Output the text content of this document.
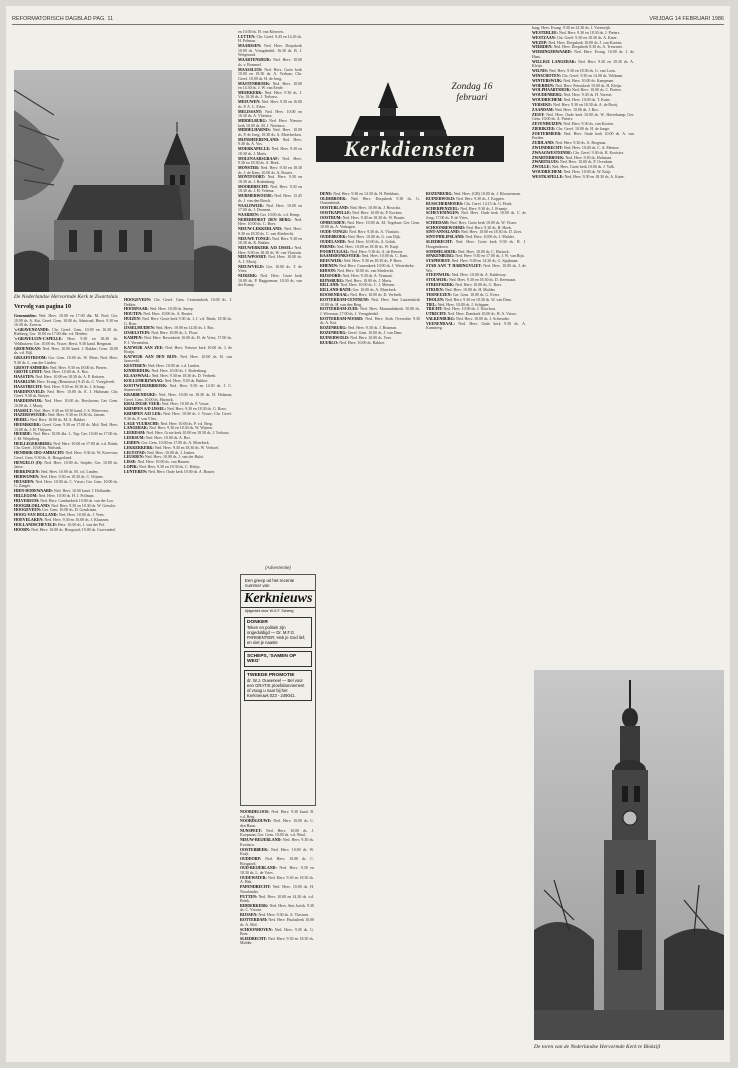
REFORMATORISCH DAGBLAD PAG. 11	VRIJDAG 14 FEBRUARI 1986
De Nederlandse Hervormde Kerk te Zwartsluis
Vervolg van pagina 10
Genemuiden: Ned. Herv. 10.00 en 17.00 dhr. M. Poel; Ger. 10.00 ds. A. Kot. Geref. Gem. 10.00 ds. Admiraal; Herst. 9.30 en 16.30 ds. Zwerus.
's-GRAVENZANDE: Chr. Geref. Gem. 10.00 en 16.30 ds. Rietberg; Ger. 10.00 en 17.00 dhr. v.d. Heiden.
's-GRAVELUIN-CAPELLE: Herv. 9.30 en 18.30 ds. Veldhuizen; Ger. 10.00 ds. Visser; Herst. 9.30 kand. Bregman.
GROENEKAN: Ned. Herv. 10.00 kand. J. Bakker; Gem. 10.00 ds. v.d. Bijl.
GRAAFSTROOM: Ger. Gem. 10.00 ds. W. Moet; Ned. Herv. 9.30 ds. L. van der Linden.
GROOT-AMMERS: Ned. Herv. 9.30 en 18.00 ds. Pieters.
GROTE LINDT: Ned. Herv. 10.00 ds. A. Bos.
HAASTEN: Ned. Herv. 10.00 en 18.30 ds. A. P. Keitzen.
HAARLEM: Herv. Evang. (Remonstr.) 9.45 ds. C. Vroeglevelt.
HAASTRECHT: Ned. Herv. 9.30 en 18.30 ds. J. Schaap.
HARDINXVELD: Ned. Herv. 10.00 ds. E. J. Hulsman; Chr. Geref. 9.30 ds. Breyer.
HARDERWIJK: Ned. Herv. 10.00 ds. Borsboom; Ger. Gem. 10.00 ds. J. Mooij.
HASSELT: Ned. Herv. 9.30 en 18.30 kand. J. S. Witteveen.
HAZERSWOUDE: Ned. Herv. 9.30 en 18.30 ds. Jansen.
HEDEL: Ned. Herv. 10.00 ds. M. A. Bakker.
HEEMSKERK: Geref. Gem. 9.30 en 17.00 ds. Mol; Ned. Herv. 10.00 ds. J. H. Thijssen.
HEERDE: Ned. Herv. 10.00 dhr. L. Tap; Ger. 10.00 en 17.00 ds. J. M. Weijnberg.
HEILLEGERSBERG: Ned. Herv. 10.00 en 17.00 ds. v.d. Brink; Chr. Geref. 10.00 ds. Wolsink.
HENDRIK-IDO-AMBACHT: Ned. Herv. 9.30 ds. W. Korevaar; Geref. Gem. 9.30 ds. A. Hoogerland.
HENGELO (O): Ned. Herv. 10.00 ds. Snijder; Ger. 10.00 ds. Janse.
HERKINGEN: Ned. Herv. 10.00 ds. M. v.d. Linden.
HERWIJNEN: Ned. Herv. 9.30 en 18.30 ds. C. Wijnen.
HEUSDEN: Ned. Herv. 10.00 ds. C. Visser; Ger. Gem. 10.00 ds. G. Zanger.
HIEN-DODEWAARD: Ned. Herv. 10.00 kand. J. Hollander.
HILLEGOM: Ned. Herv. 10.00 ds. H. J. Pollman.
HILVERSUM: Ned. Herv. Cantharkerk 10.00 ds. van der Loo.
HOOGBLOKLAND: Ned. Herv. 9.30 en 18.30 ds. W. Geissler.
HOOGEVEEN: Ger. Gem. 10.00 ds. D. Goudriaan.
HOOG-VAN HOLLAND: Ned. Herv. 10.00 ds. J. Veen.
HOEVELAKEN: Ned. Herv. 9.30 en 16.00 ds. J. Klaassen.
HOLLANDSCHEVELD: Herv. 10.00 ds. J. van der Pol.
HOORN: Ned. Herv. 10.00 ds. Hoogstad; 19.00 ds. Gravendeel.
en 10.00 ds. H. van Kleuven.
LUTTEN: Chr. Geref. 9.45 en 14.45 ds. H. Polman.
MAARSSEN: Ned. Herv. Dorpskerk 10.00 ds. Vreugdenhil; 16.30 ds. B. J. Wiegeraad.
MAARTENSDIJK: Ned. Herv. 10.00 ds. v. Bommel.
MAASSLUIS: Ned. Herv. Grote kerk 10.00 en 18.30 ds. A. Verhaar; Chr. Geref. 10.00 ds. H. de Jong.
MASTENBROEK: Ned. Herv. 10.00 en 14.30 ds. J. W. van Eerde.
MEERKERK: Ned. Herv. 9.30 ds. J. Vis; 18.30 ds. J. Terlouw.
MEEUWEN: Ned. Herv. 9.30 en 16.00 ds. P. A. C. Eiker.
MELISSANT: Ned. Herv. 10.00 en 16.30 ds. A. Vlietstra.
MIDDELBURG: Ned. Herv. Nieuwe kerk 10.00 ds. M. J. Neerincx.
MIDDELHARNIS: Ned. Herv. 10.00 ds. P. de Jong; 18.30 ds. A. Moerkerken.
MIJNSHEERENLAND: Ned. Herv. 9.30 ds. A. Vos.
MOERKAPELLE: Ned. Herv. 9.30 en 18.30 ds. J. Maris.
MOLENAARSGRAAF: Ned. Herv. 9.30 en 18.30 ds. A. Beek.
MONSTER: Ned. Herv. 9.30 en 18.30 ds. J. de Kam; 10.00 ds. A. Bouter.
MONTFOORT: Ned. Herv. 9.30 en 18.30 ds. J. Rodenburg.
MOORDRECHT: Ned. Herv. 9.30 en 18.30 ds. J. H. Velema.
MURMERWOUDE: Ned. Herv. 15.45 ds. J. van den Bosch.
NAALDWIJK: Ned. Herv. 10.00 en 17.00 ds. J. Dronsen.
NAARDEN: Ger. 10.00 ds. v.d. Kemp.
NEDERHORST DEN BERG: Ned. Herv. 10.00 ds. C. Boer.
NIEUW-LEKKERLAND: Ned. Herv. 9.30 en 18.30 ds. C. van Sliedrecht.
NIEUWE TONGE: Ned. Herv. 9.30 en 18.30 ds. K. Bakker.
NIEUWERKERK A/D IJSSEL: Ned. Herv. 9.30 en 18.30 ds. W. van Vlastuin.
NIEUWPOORT: Ned. Herv. 10.00 ds. A. J. Mooij.
NIEUWVELD: Ger. 10.00 ds. T. de Vries.
NIJKERK: Ned. Herv. Grote kerk 10.00 ds. P. Baggerman; 18.30 ds. van der Kamp.
HOOGEVEEN: Chr. Geref. Gem. Centrumkerk 10.00 ds. J. Dekker.
HOORNAAR: Ned. Herv. 10.00 ds. Sneep.
HOUTEN: Ned. Herv. 10.00 ds. A. Bouter.
HUIZEN: Ned. Herv. Grote kerk 9.30 ds. J. J. v.d. Brink; 18.30 ds. G. Boer.
IJSSELMUIDEN: Ned. Herv. 10.00 en 14.30 ds. J. Bos.
IJSSELSTEIN: Ned. Herv. 10.00 ds. L. Floor.
KAMPEN: Ned. Herv. Bovenkerk 10.00 ds. H. de Vries; 17.00 ds. P. J. Vermeulen.
KATWIJK AAN ZEE: Ned. Herv. Nieuwe kerk 10.00 ds. J. de Bruijn.
KATWIJK AAN DEN RIJN: Ned. Herv. 10.00 ds. H. van Jaarsveld.
KESTEREN: Ned. Herv. 10.00 ds. v.d. Linden.
KINDERDIJK: Ned. Herv. 10.00 ds. J. Rodenburg.
KLAASWAAL: Ned. Herv. 9.30 en 18.30 ds. D. Verbeek.
KOLLUMERZWAAG: Ned. Herv. 9.30 ds. Bakker.
KOOTWIJKERBROEK: Ned. Herv. 9.30 en 14.30 ds. J. C. Sonneveld.
KRABBENDIJKE: Ned. Herv. 10.00 en 18.30 ds. H. Hofman; Geref. Gem. 10.00 ds. Harinck.
KRALINGSE VEER: Ned. Herv. 10.00 ds. P. Visser.
KRIMPEN A/D IJSSEL: Ned. Herv. 9.30 en 18.30 ds. G. Roos.
KRIMPEN A/D LEK: Ned. Herv. 10.00 ds. J. Visser; Chr. Geref. 9.30 ds. F. van Vliet.
LAGE VUURSCHE: Ned. Herv. 10.00 ds. P. v.d. Berg.
LANGERAK: Ned. Herv. 9.30 en 18.30 ds. W. Wijnen.
LEERDAM: Ned. Herv. Grote kerk 10.00 en 18.30 ds. J. Terlouw.
LEERSUM: Ned. Herv. 10.00 ds. A. Bos.
LEIDEN: Ger. Gem. 10.00 en 17.00 ds. A. Moerkerk.
LEKKERKERK: Ned. Herv. 9.30 en 18.30 ds. W. Verhoef.
LELYSTAD: Ned. Herv. 10.00 ds. J. Jonker.
LEUSDEN: Ned. Herv. 10.00 ds. J. van der Hulst.
LISSE: Ned. Herv. 10.00 ds. van Haaren.
LOPIK: Ned. Herv. 9.30 en 18.30 ds. C. Kleijn.
LUNTEREN: Ned. Herv. Oude kerk 10.00 ds. A. Bouter.
(Advertentie)
Een greep uit het recente nummer van
Kerknieuws
tijdgericht door W.G.F. Scheeg
DONKER
Teken en politiek zijn ongeduldigd — Dr. M.F.G. PARMENTIER: Heb je God lief, en niet je naaste
SCHEPS, 'SAMEN OP WEG'
TWEEDE PROMOTIE
dr. W.J. Ouweneel — Bel voor een GRATIS proefabonnement of vraag u naar bij het Kerknieuws 023 - 249041.
NOORDELOOS: Ned. Herv. 9.30 kand. B. v.d. Berg.
NOORDGOUWE: Ned. Herv. 10.00 ds. C. den Haan.
NUNSPEET: Ned. Herv. 10.00 ds. J. Koopman; Ger. Gem. 10.00 ds. v.d. Waal.
NIEUW-BEIJERLAND: Ned. Herv. 9.30 ds. Kooistra.
OOSTERBEEK: Ned. Herv. 10.00 ds. W. Kuijt.
OUDDORP: Ned. Herv. 10.00 ds. C. Boogaard.
OUD-BEIJERLAND: Ned. Herv. 9.30 en 18.30 ds. L. de Vries.
OUDEWATER: Ned. Herv. 9.30 en 18.30 ds. A. Hak.
PAPENDRECHT: Ned. Herv. 10.00 ds. H. Noorlander.
PUTTEN: Ned. Herv. 10.00 en 14.30 ds. v.d. Brink.
RIDDERKERK: Ned. Herv. Sint Jorisk. 9.30 ds. C. Vroom.
RIJSSEN: Ned. Herv. 9.30 ds. A. Vlastuin.
ROTTERDAM: Ned. Herv. Pauluskerk 10.00 ds. A. Mol.
SCHOONHOVEN: Ned. Herv. 9.30 ds. G. Boer.
SLIEDRECHT: Ned. Herv. 9.30 en 18.30 ds. Mulder.
Zondag 16 februari
Kerkdiensten
DENE: Ned. Herv. 9.30 en 14.30 ds. H. Beekhuis.
OLDEBROEK: Ned. Herv. Dorpskerk 9.30 ds. G. Oostenbrink.
OOSTERLAND: Ned. Herv. 10.00 ds. J. Bosscha.
OOSTKAPELLE: Ned. Herv. 10.00 ds. P. Kocken.
OOSTRUM: Ned. Herv. 9.30 en 18.30 ds. W. Bouter.
OPHEUSDEN: Ned. Herv. 10.00 ds. M. Vogelaar; Ger. Gem. 10.00 ds. A. Verhagen.
OUDE-TONGE: Ned. Herv. 9.30 ds. A. Vlastuin.
OUDEBROEK: Ned. Herv. 10.00 ds. G. van Dijk.
OUDELANDE: Ned. Herv. 10.00 ds. A. Geluk.
PERNIS: Ned. Herv. 10.00 en 18.30 ds. W. Kuijt.
POORTUGAAL: Ned. Herv. 9.30 ds. A. de Reuver.
RAAMSDONKSVEER: Ned. Herv. 10.00 ds. C. Kant.
REEUWIJK: Ned. Herv. 9.30 en 18.30 ds. P. Boer.
RHENEN: Ned. Herv. Cunerakerk 10.00 ds. J. Westerbeke.
RHOON: Ned. Herv. 10.00 ds. van Sliedrecht.
RIJSOORD: Ned. Herv. 9.30 ds. A. Vermaat.
RIJNSBURG: Ned. Herv. 10.00 ds. J. Maris.
RILLAND: Ned. Herv. 10.00 ds. C. J. Meeuse.
RILLAND-BATH: Ger. 10.00 ds. A. Moerkerk.
ROOSENDAAL: Ned. Herv. 10.00 ds. D. Verbeek.
ROTTERDAM-CENTRUM: Ned. Herv. Sint Laurenskerk 10.00 ds. H. van den Berg.
ROTTERDAM-ZUID: Ned. Herv. Maranathakerk 10.00 ds. J. Wiersma; 17.00 ds. J. Vreugdenhil.
ROTTERDAM-NOORD: Ned. Herv. Kerk Overschie 9.30 ds. A. Kot.
ROZENBURG: Ned. Herv. 9.30 ds. J. Bouman.
ROZENBURG: Geref. Gem. 10.00 ds. J. van Dam.
RUINERWOLD: Ned. Herv. 10.00 ds. Voet.
RUURLO: Ned. Herv. 10.00 ds. Bakker.
ROZENBURG: Ned. Herv. (GB) 10.00 ds. J. Kloosterman.
RUINERWOLD: Ned. Herv. 9.30 ds. J. Koppen.
RUSSCHERMOERS: Chr. Geref. 14.15 ds. G. Hoek.
SCHERPENZEEL: Ned. Herv. 9.30 ds. J. Fraanje.
SCHEVENINGEN: Ned. Herv. Oude kerk 10.00 ds. C. de Jong; 17.00 ds. P. de Vries.
SCHIEDAM: Ned. Herv. Grote kerk 10.00 ds. W. Visser.
SCHOONREWOERD: Ned. Herv. 9.30 ds. H. Hoek.
SINT-ANNALAND: Ned. Herv. 10.00 en 18.30 ds. D. Zoet.
SINT-PHILIPSLAND: Ned. Herv. 10.00 ds. J. Mulder.
SLIEDRECHT: Ned. Herv. Grote kerk 9.30 ds. B. J. Hoogendoorn.
SOMMELSDIJK: Ned. Herv. 10.00 ds. C. Harinck.
SPAKENBURG: Ned. Herv. 9.30 en 17.00 ds. J. W. van Rijn.
STAPHORST: Ned. Herv. 9.00 en 14.30 ds. G. Spijkman.
STAD AAN 'T HARINGVLIET: Ned. Herv. 10.00 ds. J. de Wit.
STEENWIJK: Ned. Herv. 10.00 ds. A. Kaldeway.
STOLWIJK: Ned. Herv. 9.30 en 18.30 ds. D. Keesmaat.
STREEFKERK: Ned. Herv. 10.00 ds. G. Boer.
STRIJEN: Ned. Herv. 10.00 ds. H. Mulder.
TERNEUZEN: Ger. Gem. 10.00 ds. G. Evers.
THOLEN: Ned. Herv. 9.30 en 18.30 ds. W. van Dam.
TIEL: Ned. Herv. 10.00 ds. J. Schipper.
TRICHT: Ned. Herv. 10.00 ds. J. Noorloos.
UTRECHT: Ned. Herv. Domkerk 10.00 ds. H. A. Visser.
VALKENBURG: Ned. Herv. 10.00 ds. J. Schreuder.
VEENENDAAL: Ned. Herv. Oude kerk 9.30 ds. A. Kamsteeg.
burg; Herv. Evang. 9.30 en 14.30 ds. J. Vreeswijk.
WESTERLEE: Ned. Herv. 9.30 en 18.30 ds. J. Pieters.
WESTZAAN: Chr. Geref. 9.30 en 18.30 ds. A. Kater.
WEZEP: Ned. Herv. Dorpskerk 10.00 ds. J. van Kooten.
WIERDEN: Ned. Herv. Dorpskerk 9.30 ds. A. Treurniet.
WIERINGERWAARD: Ned. Herv. Evang. 10.00 ds. J. de Haas.
WILLIGE LANGERAK: Ned. Herv. 9.30 en 18.30 ds. A. Kleijn.
WILNIS: Ned. Herv. 9.30 en 18.30 ds. G. van Loon.
WINSCHOTEN: Chr. Geref. 9.30 en 14.00 ds. Veldman.
WINTERSWIJK: Ned. Herv. 10.00 ds. Kampman.
WOERDEN: Ned. Herv. Petruskerk 10.00 ds. H. Kleijn.
WOLPHAARTSDIJK: Ned. Herv. 10.00 ds. C. Pieters.
WOUDENBERG: Ned. Herv. 9.30 ds. H. Vaerset.
WOUDRICHEM: Ned. Herv. 10.00 ds. T. Kater.
YERSEKE: Ned. Herv. 9.30 en 18.30 ds. A. de Rooij.
ZAANDAM: Ned. Herv. 10.00 ds. J. Bos.
ZEIST: Ned. Herv. Oude kerk 10.00 ds. W. Haverkamp; Ger. Gem. 10.00 ds. A. Pieters.
ZEVENHUIZEN: Ned. Herv. 9.30 ds. van Kooten.
ZIERIKZEE: Chr. Geref. 10.00 ds. H. de Jonge.
ZOETERMEER: Ned. Herv. Oude kerk 10.00 ds. A. van Eerden.
ZUIDLAND: Ned. Herv. 9.30 ds. A. Bergsma.
ZWIJNDRECHT: Ned. Herv. 10.00 ds. C. A. Meeuse.
ZWAAGWESTEINDE: Chr. Geref. 9.30 ds. R. Kooistra.
ZWARTEBROEK: Ned. Herv. 9.30 ds. Hulsman.
ZWARTSLUIS: Ned. Herv. 10.00 ds. P. Overduin.
ZWOLLE: Ned. Herv. Grote kerk 10.00 ds. J. Valk.
WOUDRICHEM: Ned. Herv. 10.00 ds. W. Kuijt.
WESTKAPELLE: Ned. Herv. 9.30 en 18.30 ds. A. Kater.
De toren van de Nederlandse Hervormde Kerk te Blokzijl
